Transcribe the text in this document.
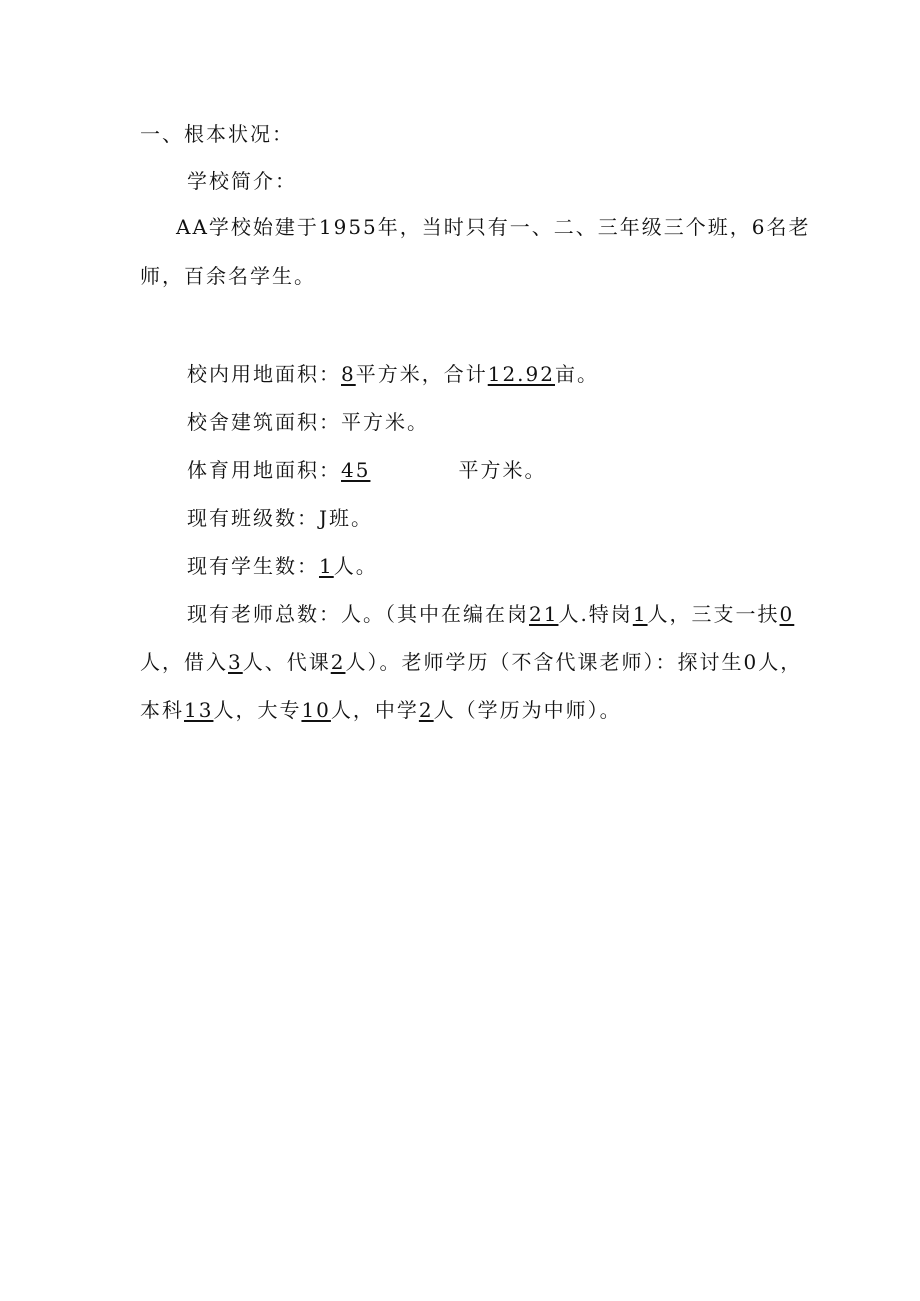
一、根本状况：
学校简介：
AA学校始建于1955年，当时只有一、二、三年级三个班，6名老
师，百余名学生。
校内用地面积：8平方米，合计12.92亩。
校舍建筑面积：平方米。
体育用地面积：45	平方米。
现有班级数：J班。
现有学生数：1人。
现有老师总数：人。（其中在编在岗21人.特岗1人，三支一扶0
人，借入3人、代课2人）。老师学历（不含代课老师）：探讨生0人，
本科13人，大专10人，中学2人（学历为中师）。
